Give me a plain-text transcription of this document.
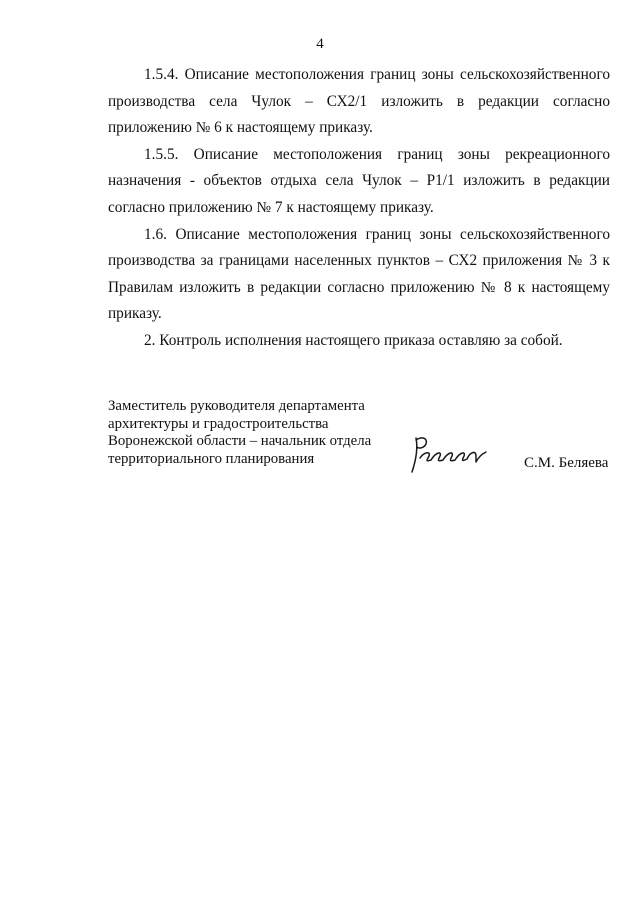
4

1.5.4. Описание местоположения границ зоны сельскохозяйственного производства села Чулок – СХ2/1 изложить в редакции согласно приложению № 6 к настоящему приказу.

1.5.5. Описание местоположения границ зоны рекреационного назначения - объектов отдыха села Чулок – Р1/1 изложить в редакции согласно приложению № 7 к настоящему приказу.

1.6. Описание местоположения границ зоны сельскохозяйственного производства за границами населенных пунктов – СХ2 приложения № 3 к Правилам изложить в редакции согласно приложению № 8 к настоящему приказу.

2. Контроль исполнения настоящего приказа оставляю за собой.

Заместитель руководителя департамента
архитектуры и градостроительства
Воронежской области – начальник отдела
территориального планирования	С.М. Беляева
